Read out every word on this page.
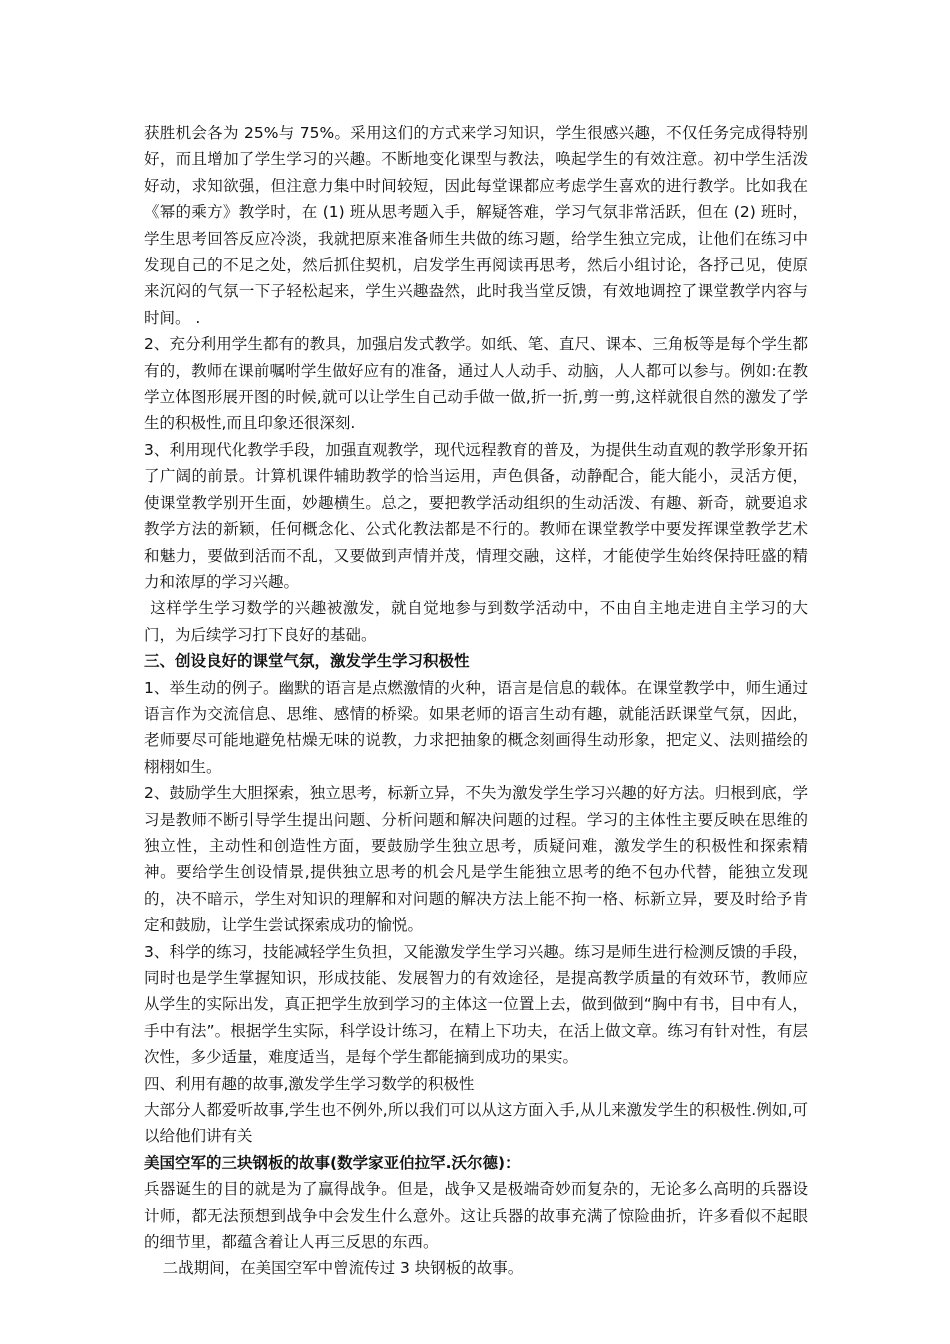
获胜机会各为 25%与 75%。采用这们的方式来学习知识，学生很感兴趣，不仅任务完成得特别好，而且增加了学生学习的兴趣。不断地变化课型与教法，唤起学生的有效注意。初中学生活泼好动，求知欲强，但注意力集中时间较短，因此每堂课都应考虑学生喜欢的进行教学。比如我在《幂的乘方》教学时，在 (1) 班从思考题入手，解疑答难，学习气氛非常活跃，但在 (2) 班时，学生思考回答反应冷淡，我就把原来准备师生共做的练习题，给学生独立完成，让他们在练习中发现自己的不足之处，然后抓住契机，启发学生再阅读再思考，然后小组讨论，各抒己见，使原来沉闷的气氛一下子轻松起来，学生兴趣盎然，此时我当堂反馈，有效地调控了课堂教学内容与时间。 .

2、充分利用学生都有的教具，加强启发式教学。如纸、笔、直尺、课本、三角板等是每个学生都有的，教师在课前嘱咐学生做好应有的准备，通过人人动手、动脑，人人都可以参与。例如:在教学立体图形展开图的时候,就可以让学生自己动手做一做,折一折,剪一剪,这样就很自然的激发了学生的积极性,而且印象还很深刻.

3、利用现代化教学手段，加强直观教学，现代远程教育的普及，为提供生动直观的教学形象开拓了广阔的前景。计算机课件辅助教学的恰当运用，声色俱备，动静配合，能大能小，灵活方便，使课堂教学别开生面，妙趣横生。总之，要把教学活动组织的生动活泼、有趣、新奇，就要追求教学方法的新颖，任何概念化、公式化教法都是不行的。教师在课堂教学中要发挥课堂教学艺术和魅力，要做到活而不乱，又要做到声情并茂，情理交融，这样，才能使学生始终保持旺盛的精力和浓厚的学习兴趣。

这样学生学习数学的兴趣被激发，就自觉地参与到数学活动中，不由自主地走进自主学习的大门，为后续学习打下良好的基础。

三、创设良好的课堂气氛，激发学生学习积极性

1、举生动的例子。幽默的语言是点燃激情的火种，语言是信息的载体。在课堂教学中，师生通过语言作为交流信息、思维、感情的桥梁。如果老师的语言生动有趣，就能活跃课堂气氛，因此，老师要尽可能地避免枯燥无味的说教，力求把抽象的概念刻画得生动形象，把定义、法则描绘的栩栩如生。

2、鼓励学生大胆探索，独立思考，标新立异，不失为激发学生学习兴趣的好方法。归根到底，学习是教师不断引导学生提出问题、分析问题和解决问题的过程。学习的主体性主要反映在思维的独立性，主动性和创造性方面，要鼓励学生独立思考，质疑问难，激发学生的积极性和探索精神。要给学生创设情景,提供独立思考的机会凡是学生能独立思考的绝不包办代替，能独立发现的，决不暗示，学生对知识的理解和对问题的解决方法上能不拘一格、标新立异，要及时给予肯定和鼓励，让学生尝试探索成功的愉悦。

3、科学的练习，技能减轻学生负担，又能激发学生学习兴趣。练习是师生进行检测反馈的手段，同时也是学生掌握知识，形成技能、发展智力的有效途径，是提高教学质量的有效环节，教师应从学生的实际出发，真正把学生放到学习的主体这一位置上去，做到做到“胸中有书，目中有人，手中有法”。根据学生实际，科学设计练习，在精上下功夫，在活上做文章。练习有针对性，有层次性，多少适量，难度适当，是每个学生都能摘到成功的果实。

四、利用有趣的故事,激发学生学习数学的积极性

大部分人都爱听故事,学生也不例外,所以我们可以从这方面入手,从儿来激发学生的积极性.例如,可以给他们讲有关

美国空军的三块钢板的故事(数学家亚伯拉罕.沃尔德)：

兵器诞生的目的就是为了赢得战争。但是，战争又是极端奇妙而复杂的，无论多么高明的兵器设计师，都无法预想到战争中会发生什么意外。这让兵器的故事充满了惊险曲折，许多看似不起眼的细节里，都蕴含着让人再三反思的东西。

二战期间，在美国空军中曾流传过 3 块钢板的故事。
